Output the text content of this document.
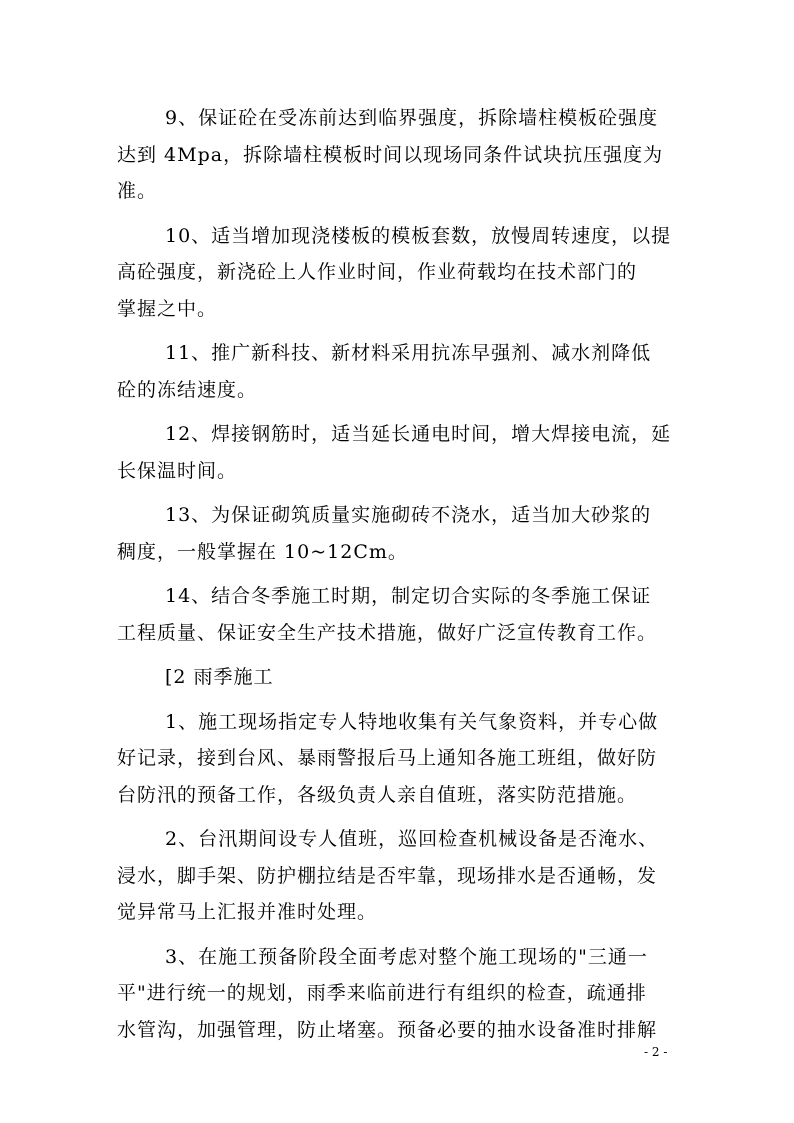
9、保证砼在受冻前达到临界强度，拆除墙柱模板砼强度
达到 4Mpa，拆除墙柱模板时间以现场同条件试块抗压强度为
准。
10、适当增加现浇楼板的模板套数，放慢周转速度，以提
高砼强度，新浇砼上人作业时间，作业荷载均在技术部门的
掌握之中。
11、推广新科技、新材料采用抗冻早强剂、减水剂降低
砼的冻结速度。
12、焊接钢筋时，适当延长通电时间，增大焊接电流，延
长保温时间。
13、为保证砌筑质量实施砌砖不浇水，适当加大砂浆的
稠度，一般掌握在 10~12Cm。
14、结合冬季施工时期，制定切合实际的冬季施工保证
工程质量、保证安全生产技术措施，做好广泛宣传教育工作。
[2 雨季施工
1、施工现场指定专人特地收集有关气象资料，并专心做
好记录，接到台风、暴雨警报后马上通知各施工班组，做好防
台防汛的预备工作，各级负责人亲自值班，落实防范措施。
2、台汛期间设专人值班，巡回检查机械设备是否淹水、
浸水，脚手架、防护棚拉结是否牢靠，现场排水是否通畅，发
觉异常马上汇报并准时处理。
3、在施工预备阶段全面考虑对整个施工现场的"三通一
平"进行统一的规划，雨季来临前进行有组织的检查，疏通排
水管沟，加强管理，防止堵塞。预备必要的抽水设备准时排解
- 2 -
